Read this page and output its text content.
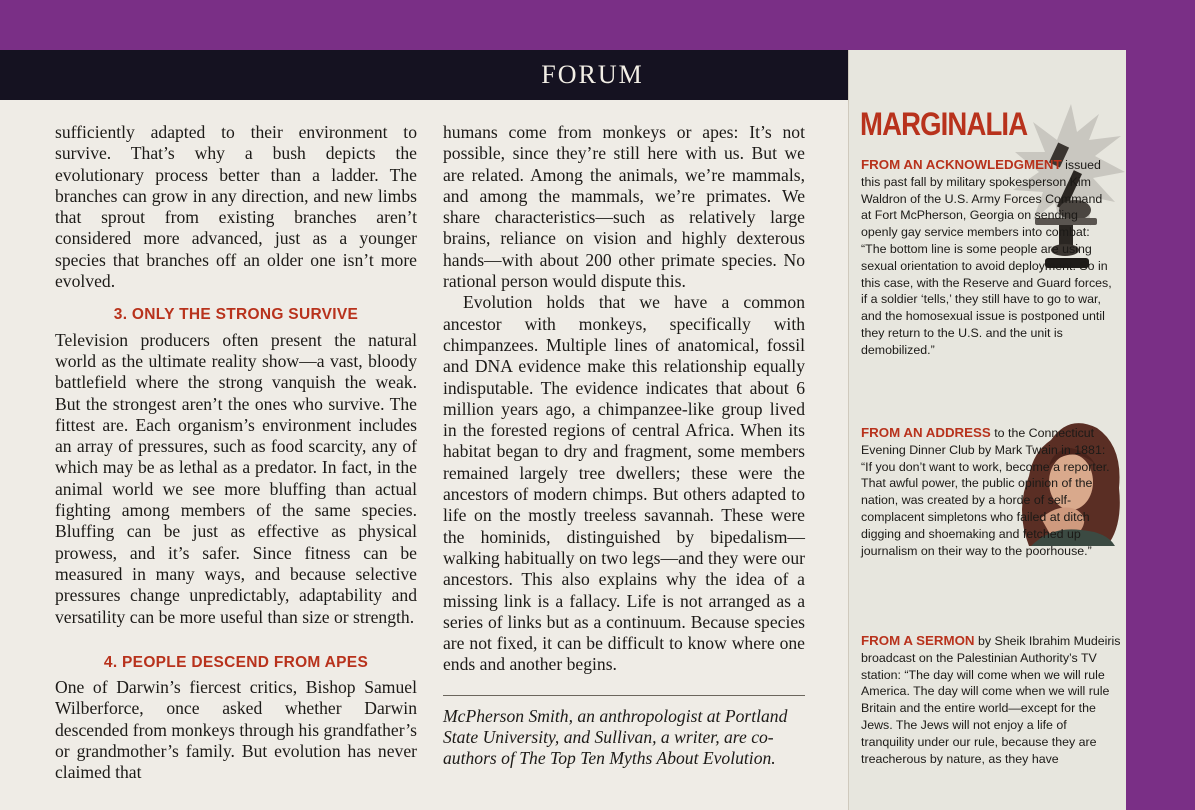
FORUM

sufficiently adapted to their environment to survive. That’s why a bush depicts the evolutionary process better than a ladder. The branches can grow in any direction, and new limbs that sprout from existing branches aren’t considered more advanced, just as a younger species that branches off an older one isn’t more evolved.

3. ONLY THE STRONG SURVIVE

Television producers often present the natural world as the ultimate reality show—a vast, bloody battlefield where the strong vanquish the weak. But the strongest aren’t the ones who survive. The fittest are. Each organism’s environment includes an array of pressures, such as food scarcity, any of which may be as lethal as a predator. In fact, in the animal world we see more bluffing than actual fighting among members of the same species. Bluffing can be just as effective as physical prowess, and it’s safer. Since fitness can be measured in many ways, and because selective pressures change unpredictably, adaptability and versatility can be more useful than size or strength.

4. PEOPLE DESCEND FROM APES

One of Darwin’s fiercest critics, Bishop Samuel Wilberforce, once asked whether Darwin descended from monkeys through his grandfather’s or grandmother’s family. But evolution has never claimed that

humans come from monkeys or apes: It’s not possible, since they’re still here with us. But we are related. Among the animals, we’re mammals, and among the mammals, we’re primates. We share characteristics—such as relatively large brains, reliance on vision and highly dexterous hands—with about 200 other primate species. No rational person would dispute this.

Evolution holds that we have a common ancestor with monkeys, specifically with chimpanzees. Multiple lines of anatomical, fossil and DNA evidence make this relationship equally indisputable. The evidence indicates that about 6 million years ago, a chimpanzee-like group lived in the forested regions of central Africa. When its habitat began to dry and fragment, some members remained largely tree dwellers; these were the ancestors of modern chimps. But others adapted to life on the mostly treeless savannah. These were the hominids, distinguished by bipedalism—walking habitually on two legs—and they were our ancestors. This also explains why the idea of a missing link is a fallacy. Life is not arranged as a series of links but as a continuum. Because species are not fixed, it can be difficult to know where one ends and another begins.

McPherson Smith, an anthropologist at Portland State University, and Sullivan, a writer, are co-authors of The Top Ten Myths About Evolution.

MARGINALIA

FROM AN ACKNOWLEDGMENT issued this past fall by military spokesperson Kim Waldron of the U.S. Army Forces Command at Fort McPherson, Georgia on sending openly gay service members into combat: “The bottom line is some people are using sexual orientation to avoid deployment. So in this case, with the Reserve and Guard forces, if a soldier ‘tells,’ they still have to go to war, and the homosexual issue is postponed until they return to the U.S. and the unit is demobilized.”

FROM AN ADDRESS to the Connecticut Evening Dinner Club by Mark Twain in 1881: “If you don’t want to work, become a reporter. That awful power, the public opinion of the nation, was created by a horde of self-complacent simpletons who failed at ditch digging and shoemaking and fetched up journalism on their way to the poorhouse.”

FROM A SERMON by Sheik Ibrahim Mudeiris broadcast on the Palestinian Authority’s TV station: “The day will come when we will rule America. The day will come when we will rule Britain and the entire world—except for the Jews. The Jews will not enjoy a life of tranquility under our rule, because they are treacherous by nature, as they have
